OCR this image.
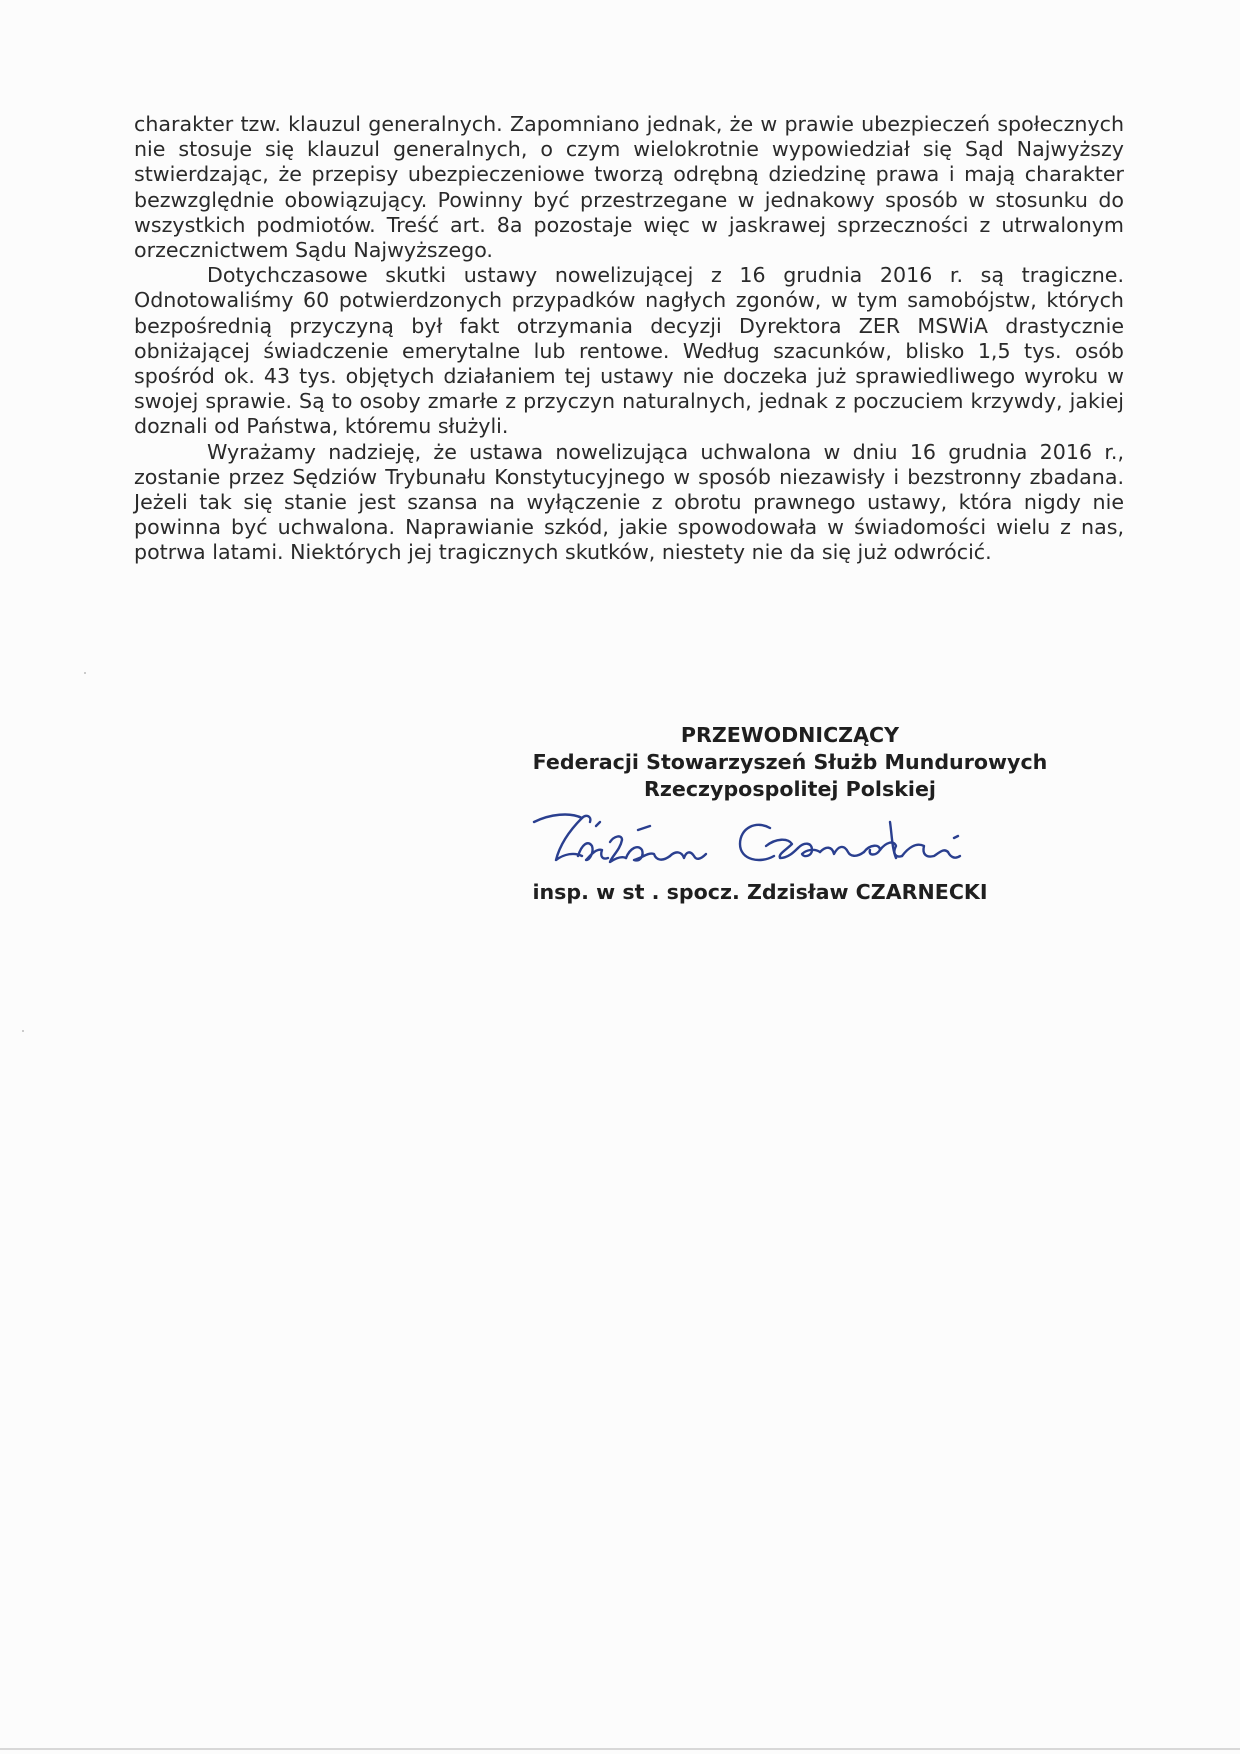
charakter tzw. klauzul generalnych. Zapomniano jednak, że w prawie ubezpieczeń społecznych nie stosuje się klauzul generalnych, o czym wielokrotnie wypowiedział się Sąd Najwyższy stwierdzając, że przepisy ubezpieczeniowe tworzą odrębną dziedzinę prawa i mają charakter bezwzględnie obowiązujący. Powinny być przestrzegane w jednakowy sposób w stosunku do wszystkich podmiotów. Treść art. 8a pozostaje więc w jaskrawej sprzeczności z utrwalonym orzecznictwem Sądu Najwyższego.

Dotychczasowe skutki ustawy nowelizującej z 16 grudnia 2016 r. są tragiczne. Odnotowaliśmy 60 potwierdzonych przypadków nagłych zgonów, w tym samobójstw, których bezpośrednią przyczyną był fakt otrzymania decyzji Dyrektora ZER MSWiA drastycznie obniżającej świadczenie emerytalne lub rentowe. Według szacunków, blisko 1,5 tys. osób spośród ok. 43 tys. objętych działaniem tej ustawy nie doczeka już sprawiedliwego wyroku w swojej sprawie. Są to osoby zmarłe z przyczyn naturalnych, jednak z poczuciem krzywdy, jakiej doznali od Państwa, któremu służyli.

Wyrażamy nadzieję, że ustawa nowelizująca uchwalona w dniu 16 grudnia 2016 r., zostanie przez Sędziów Trybunału Konstytucyjnego w sposób niezawisły i bezstronny zbadana. Jeżeli tak się stanie jest szansa na wyłączenie z obrotu prawnego ustawy, która nigdy nie powinna być uchwalona. Naprawianie szkód, jakie spowodowała w świadomości wielu z nas, potrwa latami. Niektórych jej tragicznych skutków, niestety nie da się już odwrócić.

PRZEWODNICZĄCY
Federacji Stowarzyszeń Służb Mundurowych
Rzeczypospolitej Polskiej
insp. w st . spocz. Zdzisław CZARNECKI
